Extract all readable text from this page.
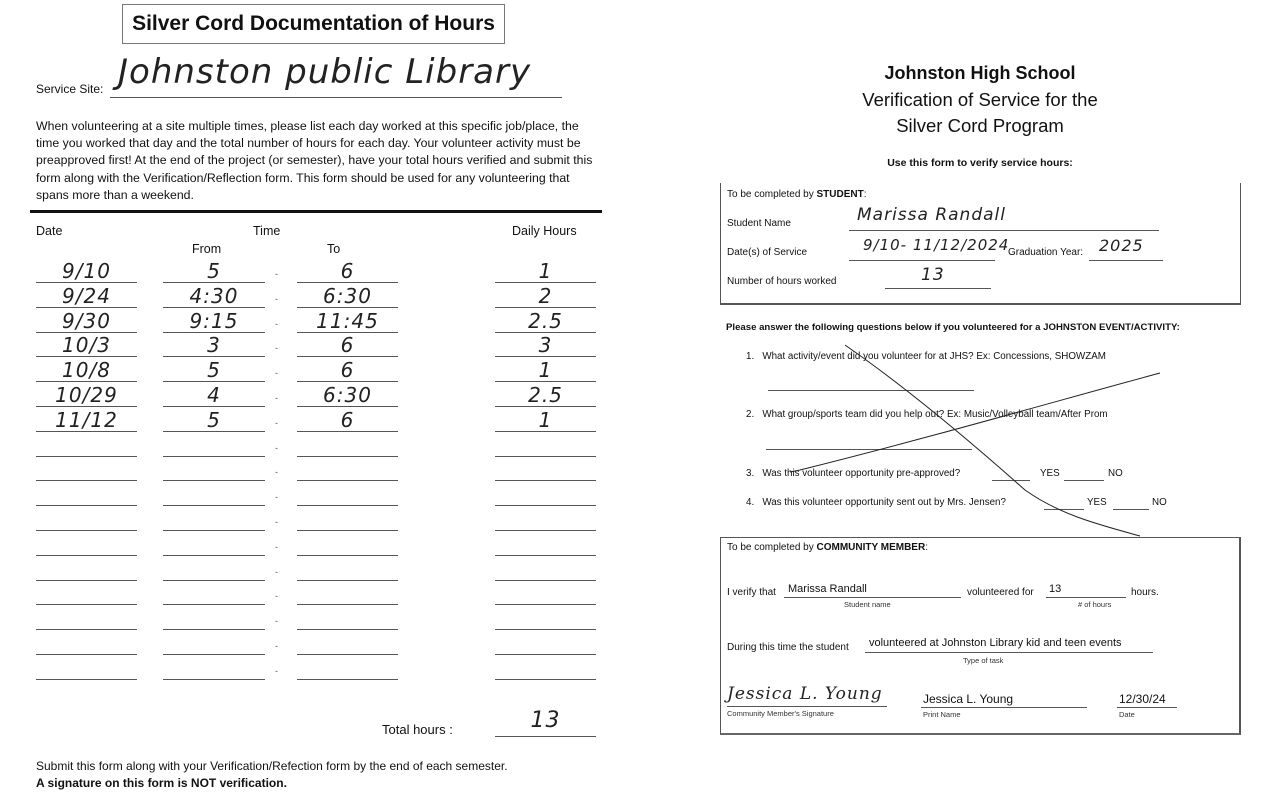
Silver Cord Documentation of Hours
Service Site: Johnston public Library
When volunteering at a site multiple times, please list each day worked at this specific job/place, the time you worked that day and the total number of hours for each day. Your volunteer activity must be preapproved first! At the end of the project (or semester), have your total hours verified and submit this form along with the Verification/Reflection form. This form should be used for any volunteering that spans more than a weekend.
Date	Time	Daily Hours
From	To
9/10	5	-	6	1
9/24	4:30	-	6:30	2
9/30	9:15	-	11:45	2.5
10/3	3	-	6	3
10/8	5	-	6	1
10/29	4	-	6:30	2.5
11/12	5	-	6	1
-
-
-
-
-
-
-
-
-
-
Total hours :	13
Submit this form along with your Verification/Refection form by the end of each semester.
A signature on this form is NOT verification.
Johnston High School
Verification of Service for the
Silver Cord Program
Use this form to verify service hours:
To be completed by STUDENT:
Student Name	Marissa Randall
Date(s) of Service	9/10- 11/12/2024
Graduation Year: 2025
Number of hours worked	13
Please answer the following questions below if you volunteered for a JOHNSTON EVENT/ACTIVITY:
1. What activity/event did you volunteer for at JHS? Ex: Concessions, SHOWZAM
2. What group/sports team did you help out? Ex: Music/Volleyball team/After Prom
3. Was this volunteer opportunity pre-approved?	YES	NO
4. Was this volunteer opportunity sent out by Mrs. Jensen?	YES	NO
To be completed by COMMUNITY MEMBER:
I verify that Marissa Randall
Student name
volunteered for 13
# of hours
hours.
During this time the student volunteered at Johnston Library kid and teen events
Type of task
Jessica L. Young
Community Member's Signature
Jessica L. Young
Print Name
12/30/24
Date
